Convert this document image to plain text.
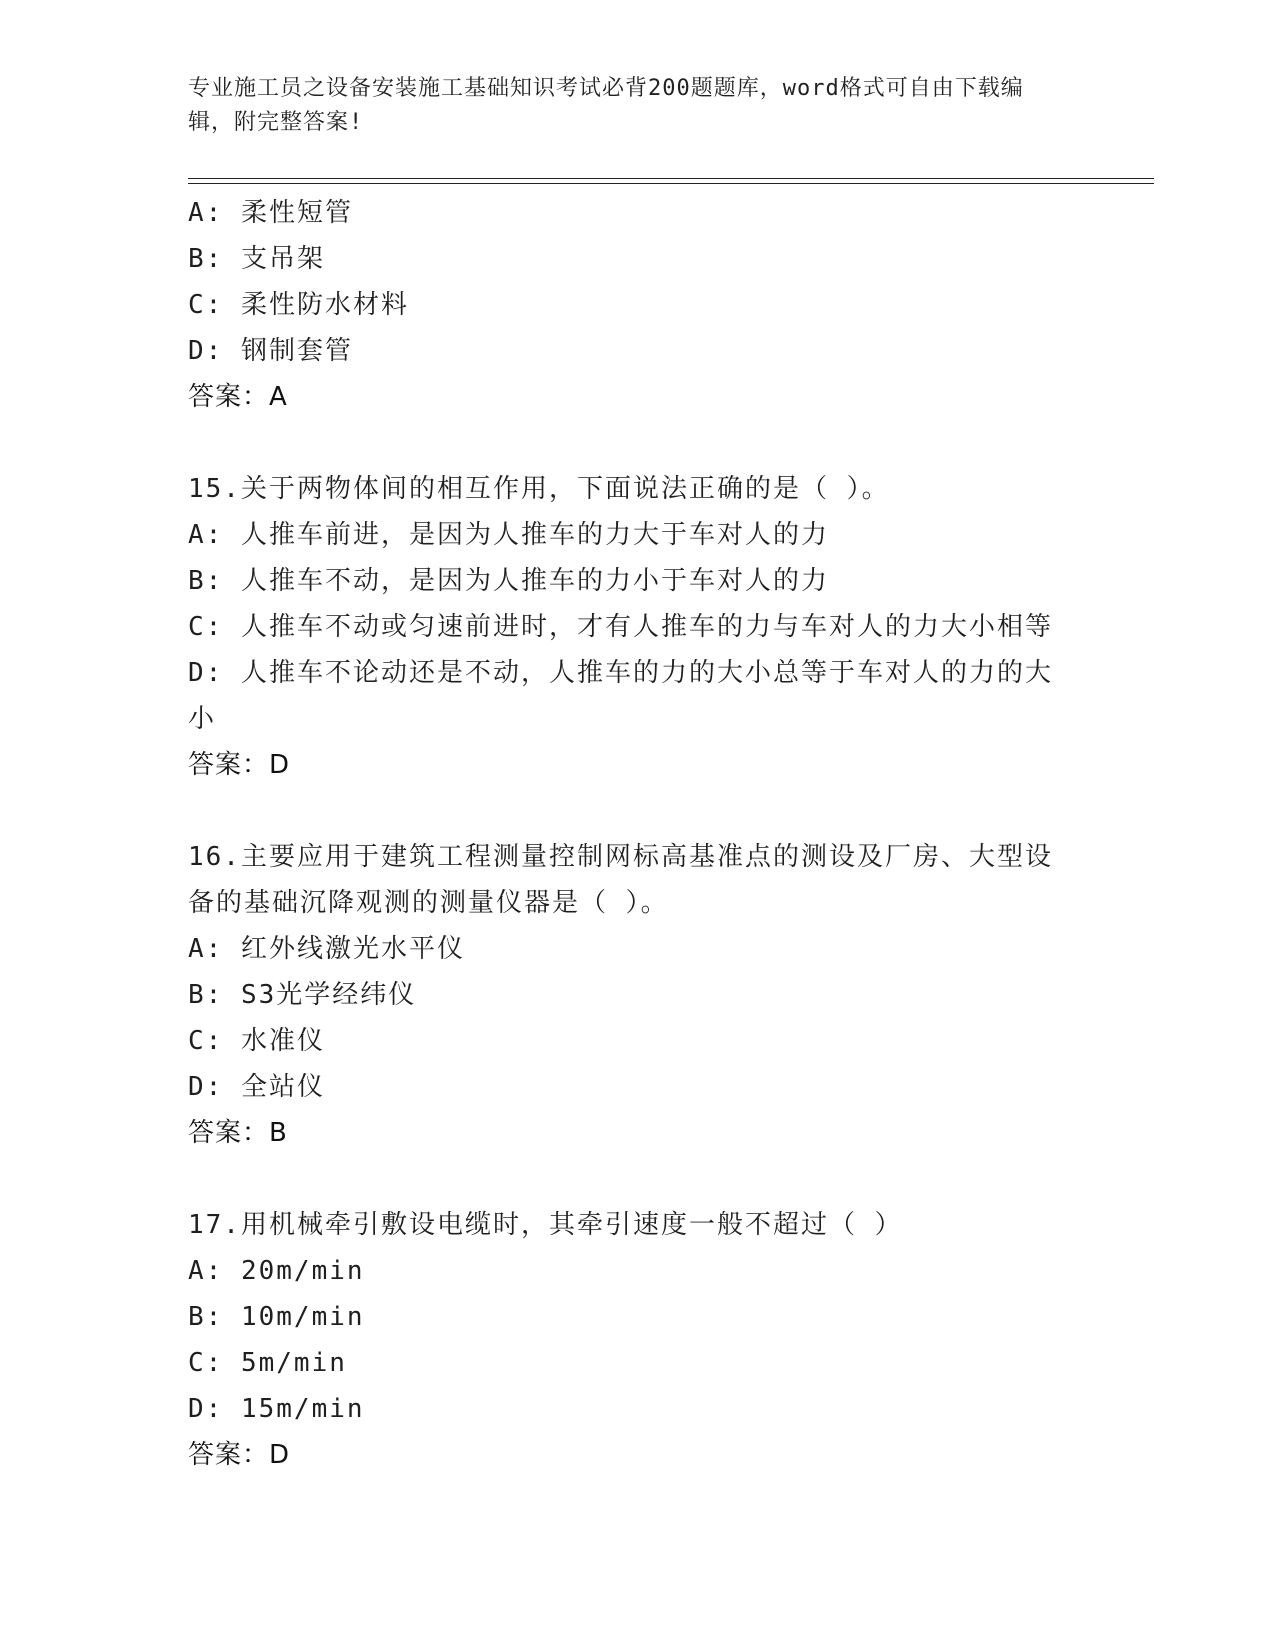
专业施工员之设备安装施工基础知识考试必背200题题库，word格式可自由下载编辑，附完整答案!
A: 柔性短管
B: 支吊架
C: 柔性防水材料
D: 钢制套管
答案：A
15.关于两物体间的相互作用，下面说法正确的是（ ）。
A: 人推车前进，是因为人推车的力大于车对人的力
B: 人推车不动，是因为人推车的力小于车对人的力
C: 人推车不动或匀速前进时，才有人推车的力与车对人的力大小相等
D: 人推车不论动还是不动，人推车的力的大小总等于车对人的力的大小
答案：D
16.主要应用于建筑工程测量控制网标高基准点的测设及厂房、大型设备的基础沉降观测的测量仪器是（ ）。
A: 红外线激光水平仪
B: S3光学经纬仪
C: 水准仪
D: 全站仪
答案：B
17.用机械牵引敷设电缆时，其牵引速度一般不超过（ ）
A: 20m/min
B: 10m/min
C: 5m/min
D: 15m/min
答案：D
